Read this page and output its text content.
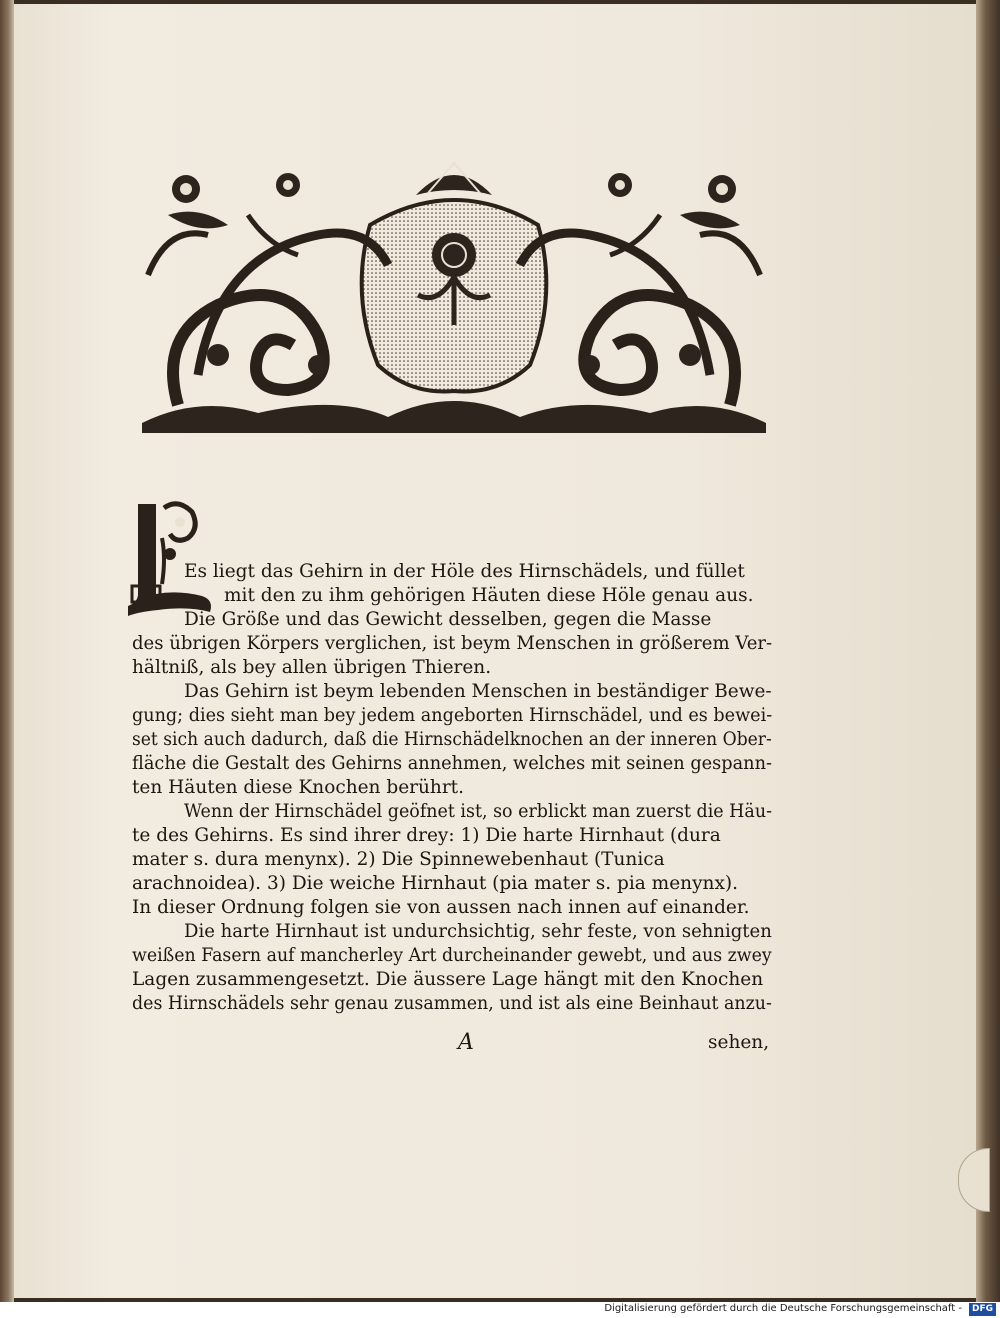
Es liegt das Gehirn in der Höle des Hirnschädels, und füllet
mit den zu ihm gehörigen Häuten diese Höle genau aus.
Die Größe und das Gewicht desselben, gegen die Masse
des übrigen Körpers verglichen, ist beym Menschen in größerem Ver-
hältniß, als bey allen übrigen Thieren.
Das Gehirn ist beym lebenden Menschen in beständiger Bewe-
gung; dies sieht man bey jedem angeborten Hirnschädel, und es bewei-
set sich auch dadurch, daß die Hirnschädelknochen an der inneren Ober-
fläche die Gestalt des Gehirns annehmen, welches mit seinen gespann-
ten Häuten diese Knochen berührt.
Wenn der Hirnschädel geöfnet ist, so erblickt man zuerst die Häu-
te des Gehirns. Es sind ihrer drey: 1) Die harte Hirnhaut (dura
mater s. dura menynx). 2) Die Spinnewebenhaut (Tunica
arachnoidea). 3) Die weiche Hirnhaut (pia mater s. pia menynx).
In dieser Ordnung folgen sie von aussen nach innen auf einander.
Die harte Hirnhaut ist undurchsichtig, sehr feste, von sehnigten
weißen Fasern auf mancherley Art durcheinander gewebt, und aus zwey
Lagen zusammengesetzt. Die äussere Lage hängt mit den Knochen
des Hirnschädels sehr genau zusammen, und ist als eine Beinhaut anzu-
A	sehen,
Digitalisierung gefördert durch die Deutsche Forschungsgemeinschaft -	DFG
